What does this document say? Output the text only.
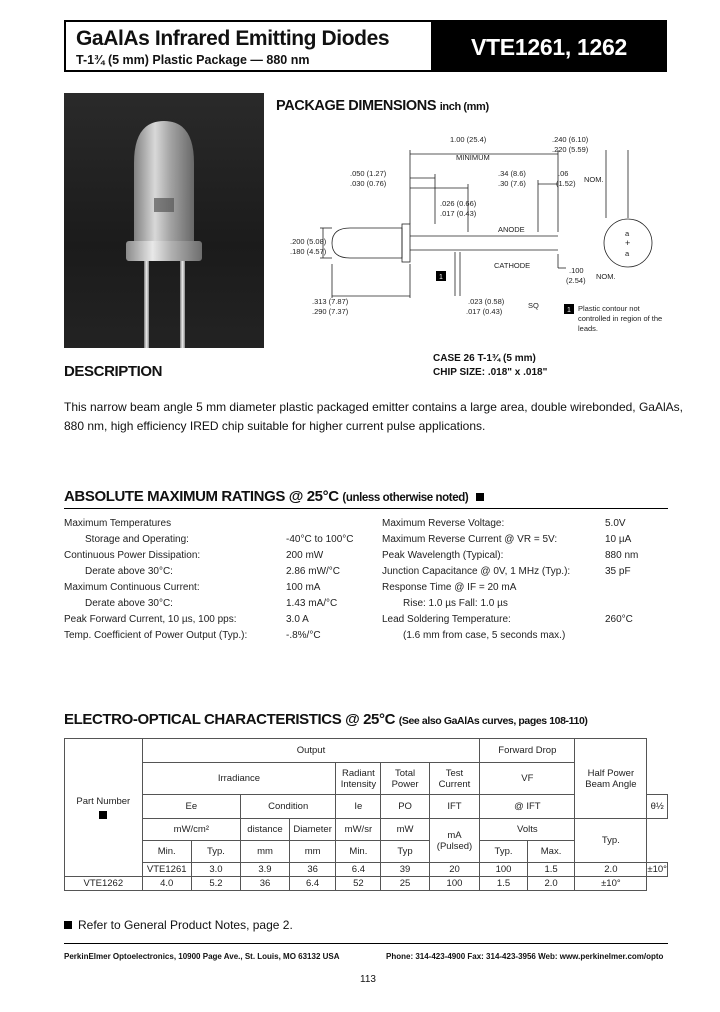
GaAlAs Infrared Emitting Diodes
T-1¾ (5 mm) Plastic Package — 880 nm	VTE1261, 1262
PACKAGE DIMENSIONS inch (mm)
1.00 (25.4)
MINIMUM
.240 (6.10)
.220 (5.59)
.050 (1.27)
.030 (0.76)
.34 (8.6)
.30 (7.6)
.06
(1.52) NOM.
.026 (0.66)
.017 (0.43)
ANODE
CATHODE
.200 (5.08)
.180 (4.57)
.100
(2.54) NOM.
.313 (7.87)
.290 (7.37)
.023 (0.58)	SQ
.017 (0.43)
a
+
a
1
1 Plastic contour not controlled in region of the leads.
CASE 26 T-1¾ (5 mm)
CHIP SIZE: .018" x .018"
DESCRIPTION
This narrow beam angle 5 mm diameter plastic packaged emitter contains a large area, double wirebonded, GaAlAs, 880 nm, high efficiency IRED chip suitable for higher current pulse applications.
ABSOLUTE MAXIMUM RATINGS @ 25°C (unless otherwise noted)
Maximum Temperatures
Storage and Operating:	-40°C to 100°C
Continuous Power Dissipation:	200 mW
Derate above 30°C:	2.86 mW/°C
Maximum Continuous Current:	100 mA
Derate above 30°C:	1.43 mA/°C
Peak Forward Current, 10 µs, 100 pps:	3.0 A
Temp. Coefficient of Power Output (Typ.):	-.8%/°C
Maximum Reverse Voltage:	5.0V
Maximum Reverse Current @ VR = 5V:	10 µA
Peak Wavelength (Typical):	880 nm
Junction Capacitance @ 0V, 1 MHz (Typ.):	35 pF
Response Time @ IF = 20 mA
Rise: 1.0 µs Fall: 1.0 µs
Lead Soldering Temperature:	260°C
(1.6 mm from case, 5 seconds max.)
ELECTRO-OPTICAL CHARACTERISTICS @ 25°C (See also GaAlAs curves, pages 108-110)
Part Number	Output							Forward Drop		Half Power Beam Angle	
	Irradiance				Radiant Intensity	Total Power	Test Current	VF			
	Ee		Condition		Ie	PO	IFT	@ IFT			θ½
	mW/cm²		distance	Diameter	mW/sr	mW	mA (Pulsed)	Volts		Typ.	
	Min.	Typ.	mm	mm	Min.	Typ		Typ.	Max.		
	VTE1261	3.0	3.9	36	6.4	39	20	100	1.5	2.0	±10°
VTE1262	4.0	5.2	36	6.4	52	25	100	1.5	2.0	±10°	
Refer to General Product Notes, page 2.
PerkinElmer Optoelectronics, 10900 Page Ave., St. Louis, MO 63132 USA	Phone: 314-423-4900 Fax: 314-423-3956 Web: www.perkinelmer.com/opto
113
